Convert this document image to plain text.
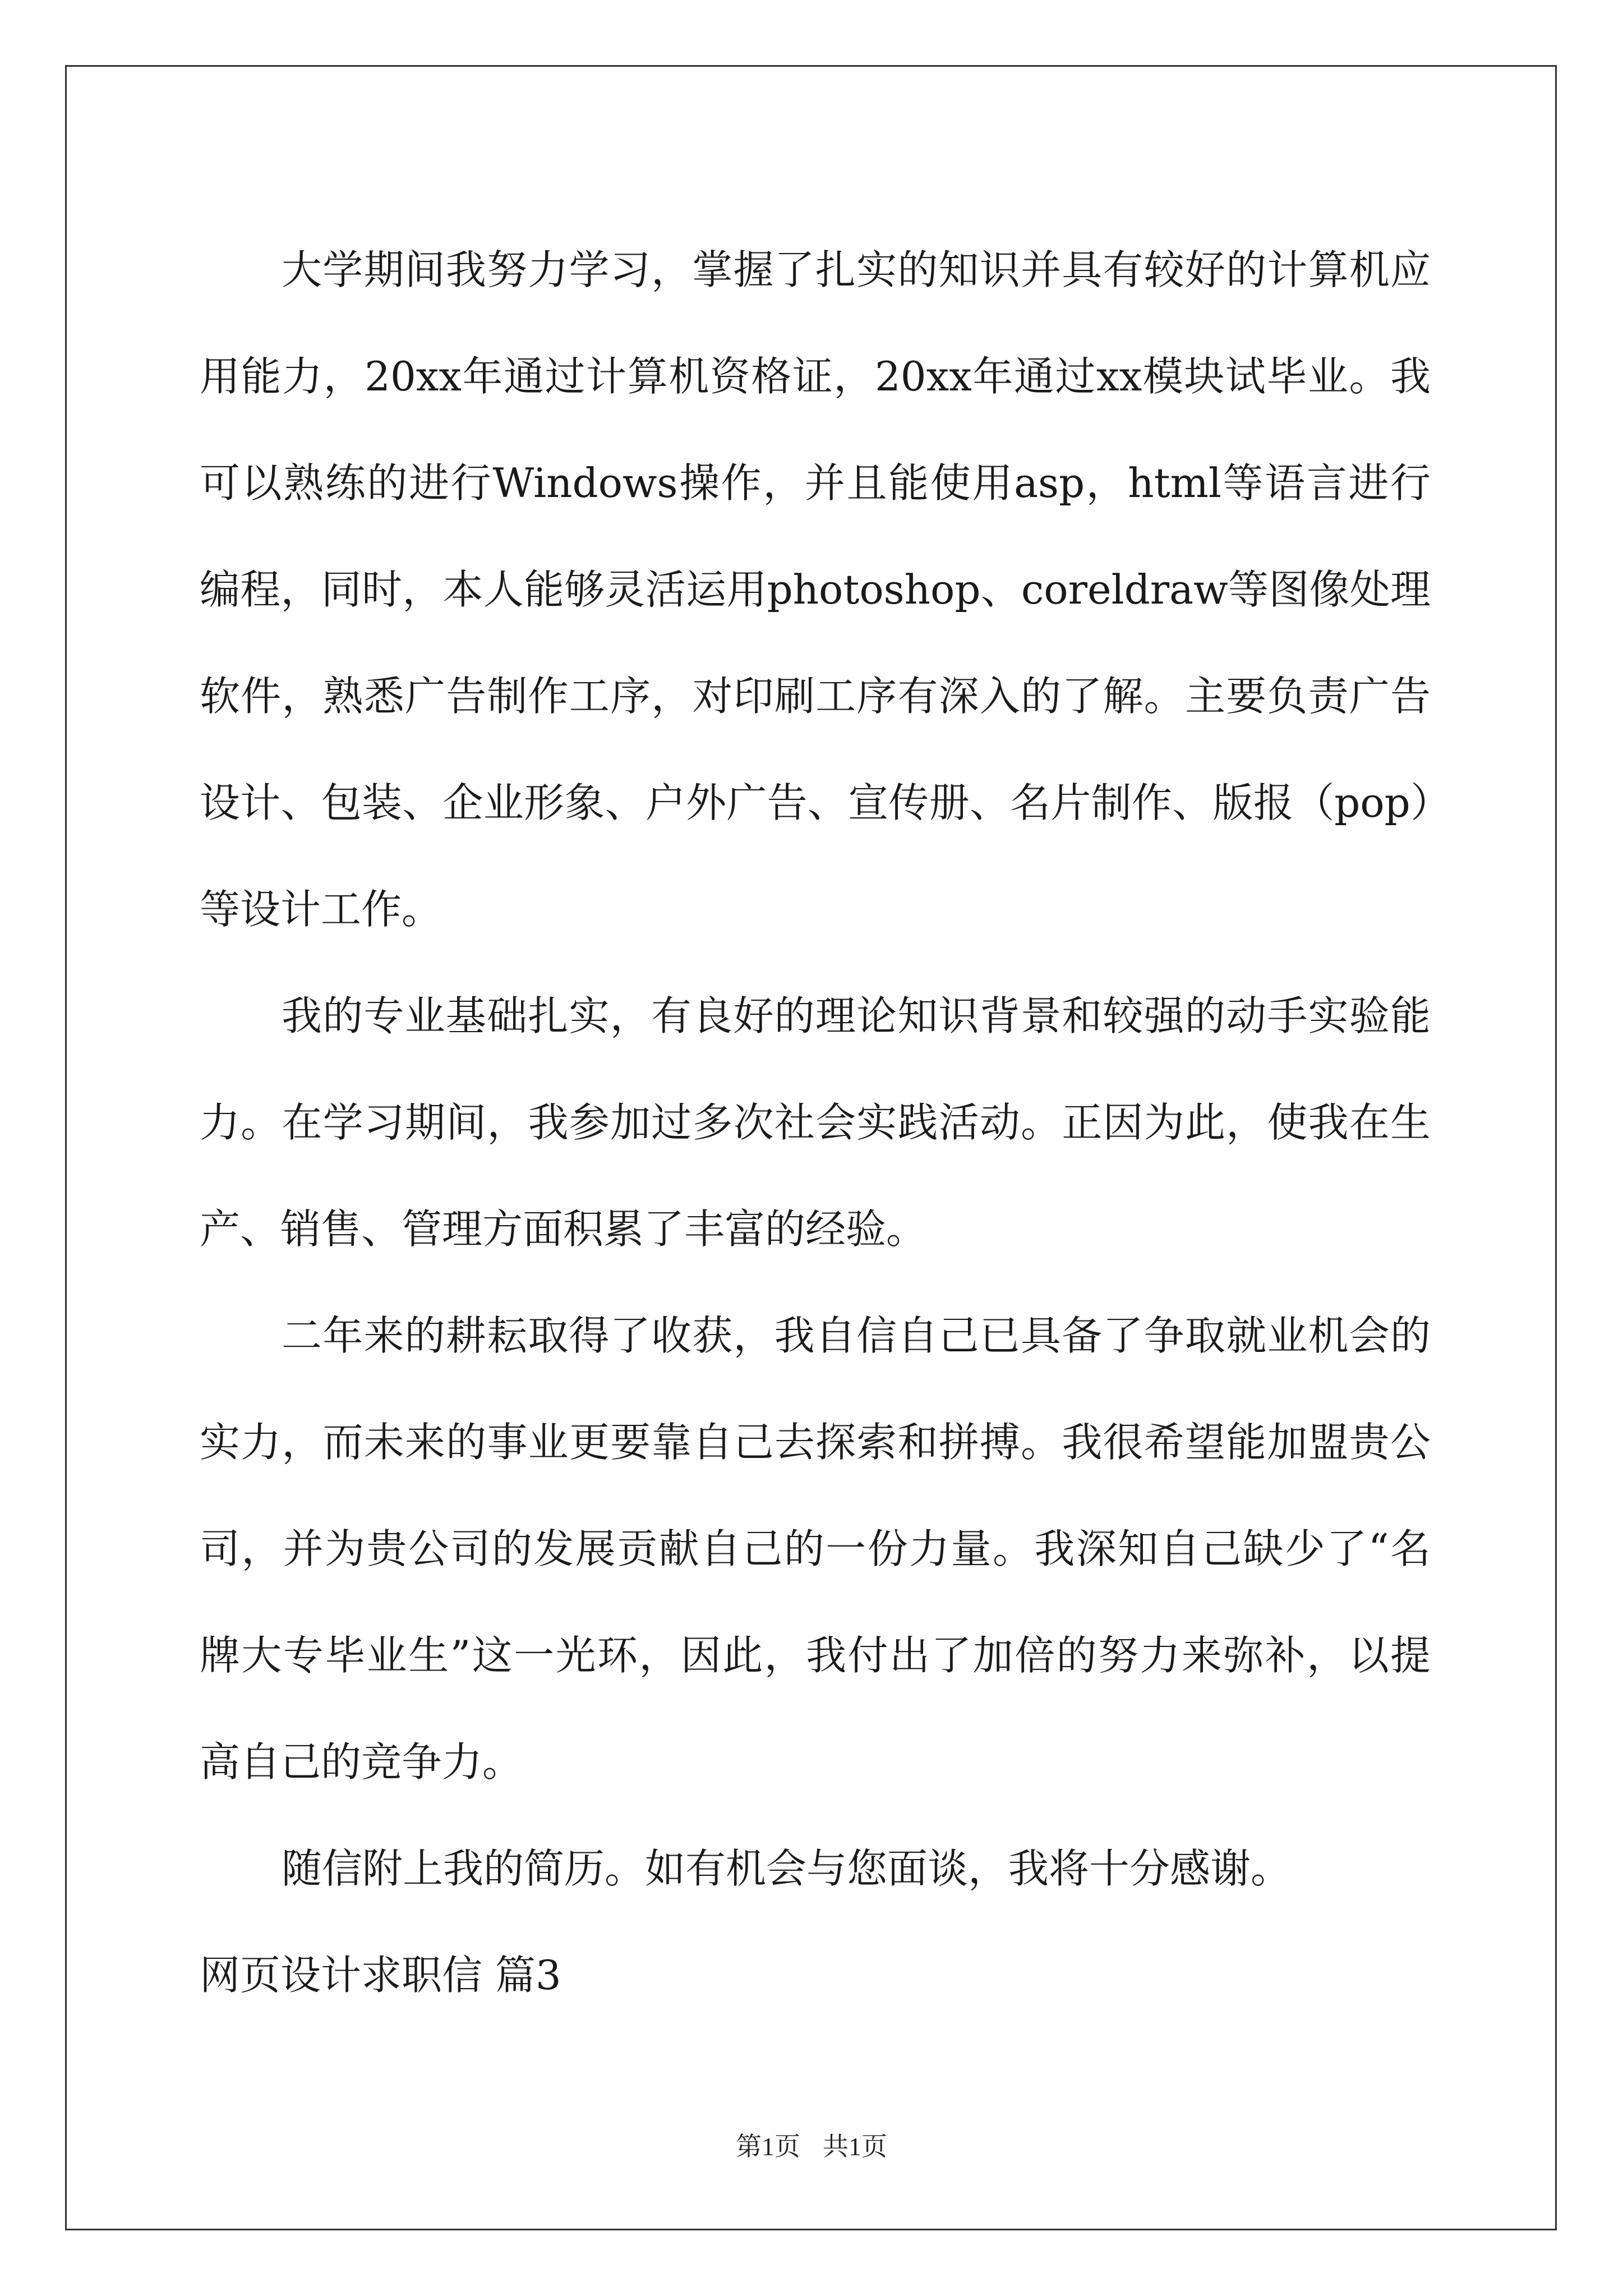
大学期间我努力学习，掌握了扎实的知识并具有较好的计算机应用能力，20xx年通过计算机资格证，20xx年通过xx模块试毕业。我可以熟练的进行Windows操作，并且能使用asp，html等语言进行编程，同时，本人能够灵活运用photoshop、coreldraw等图像处理软件，熟悉广告制作工序，对印刷工序有深入的了解。主要负责广告设计、包装、企业形象、户外广告、宣传册、名片制作、版报（pop）等设计工作。

我的专业基础扎实，有良好的理论知识背景和较强的动手实验能力。在学习期间，我参加过多次社会实践活动。正因为此，使我在生产、销售、管理方面积累了丰富的经验。

二年来的耕耘取得了收获，我自信自己已具备了争取就业机会的实力，而未来的事业更要靠自己去探索和拼搏。我很希望能加盟贵公司，并为贵公司的发展贡献自己的一份力量。我深知自己缺少了“名牌大专毕业生”这一光环，因此，我付出了加倍的努力来弥补，以提高自己的竞争力。

随信附上我的简历。如有机会与您面谈，我将十分感谢。

网页设计求职信 篇3

第1页 共1页
